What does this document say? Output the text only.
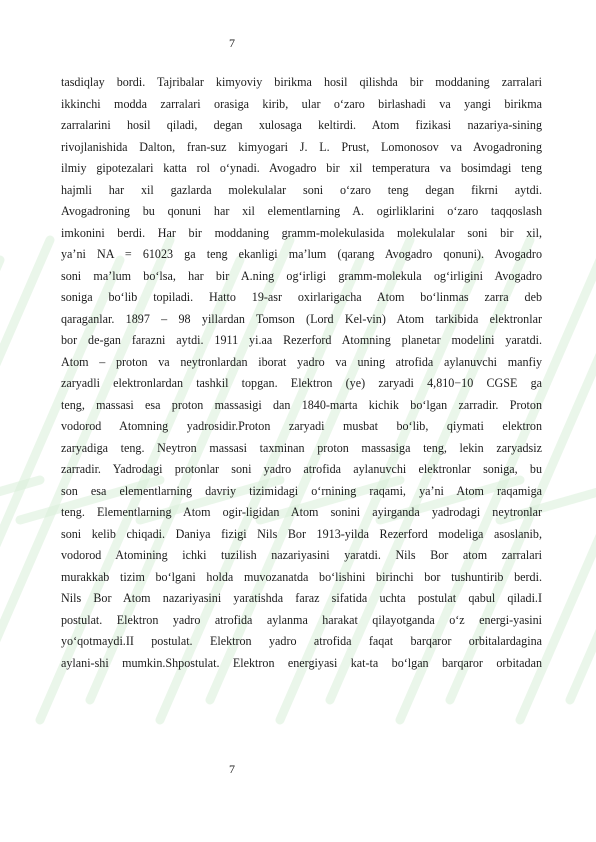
7
tasdiqlay bordi. Tajribalar kimyoviy birikma hosil qilishda bir moddaning zarralari
ikkinchi modda zarralari orasiga kirib, ular o‘zaro birlashadi va yangi birikma
zarralarini hosil qiladi, degan xulosaga keltirdi. Atom fizikasi nazariya-sining
rivojlanishida Dalton, fran-suz kimyogari J. L. Prust, Lomonosov va Avogadroning
ilmiy gipotezalari katta rol o‘ynadi. Avogadro bir xil temperatura va bosimdagi teng
hajmli har xil gazlarda molekulalar soni o‘zaro teng degan fikrni aytdi.
Avogadroning bu qonuni har xil elementlarning A. ogirliklarini o‘zaro taqqoslash
imkonini berdi. Har bir moddaning gramm-molekulasida molekulalar soni bir xil,
ya’ni NA = 61023 ga teng ekanligi ma’lum (qarang Avogadro qonuni). Avogadro
soni ma’lum bo‘lsa, har bir A.ning og‘irligi gramm-molekula og‘irligini Avogadro
soniga bo‘lib topiladi. Hatto 19-asr oxirlarigacha Atom bo‘linmas zarra deb
qaraganlar. 1897 – 98 yillardan Tomson (Lord Kel-vin) Atom tarkibida elektronlar
bor de-gan farazni aytdi. 1911 yi.aa Rezerford Atomning planetar modelini yaratdi.
Atom – proton va neytronlardan iborat yadro va uning atrofida aylanuvchi manfiy
zaryadli elektronlardan tashkil topgan. Elektron (ye) zaryadi 4,810−10 CGSE ga
teng, massasi esa proton massasigi dan 1840-marta kichik bo‘lgan zarradir. Proton
vodorod Atomning yadrosidir.Proton zaryadi musbat bo‘lib, qiymati elektron
zaryadiga teng. Neytron massasi taxminan proton massasiga teng, lekin zaryadsiz
zarradir. Yadrodagi protonlar soni yadro atrofida aylanuvchi elektronlar soniga, bu
son esa elementlarning davriy tizimidagi o‘rnining raqami, ya’ni Atom raqamiga
teng. Elementlarning Atom ogir-ligidan Atom sonini ayirganda yadrodagi neytronlar
soni kelib chiqadi. Daniya fizigi Nils Bor 1913-yilda Rezerford modeliga asoslanib,
vodorod Atomining ichki tuzilish nazariyasini yaratdi. Nils Bor atom zarralari
murakkab tizim bo‘lgani holda muvozanatda bo‘lishini birinchi bor tushuntirib berdi.
Nils Bor Atom nazariyasini yaratishda faraz sifatida uchta postulat qabul qiladi.I
postulat. Elektron yadro atrofida aylanma harakat qilayotganda o‘z energi-yasini
yo‘qotmaydi.II postulat. Elektron yadro atrofida faqat barqaror orbitalardagina
aylani-shi mumkin.Shpostulat. Elektron energiyasi kat-ta bo‘lgan barqaror orbitadan
7
